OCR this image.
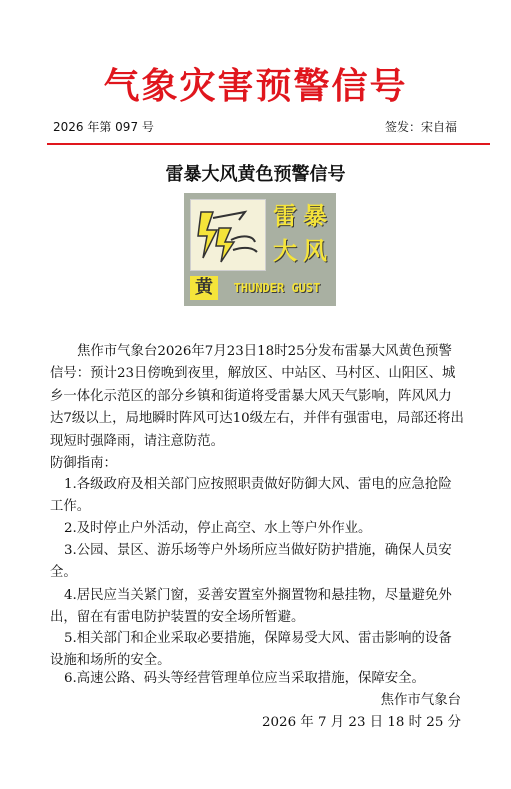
气象灾害预警信号
2026 年第 097 号	签发：宋自福
雷暴大风黄色预警信号
雷 暴
大 风
黄	THUNDER GUST
焦作市气象台2026年7月23日18时25分发布雷暴大风黄色预警信号：预计23日傍晚到夜里，解放区、中站区、马村区、山阳区、城乡一体化示范区的部分乡镇和街道将受雷暴大风天气影响，阵风风力达7级以上，局地瞬时阵风可达10级左右，并伴有强雷电，局部还将出现短时强降雨，请注意防范。
防御指南：
1.各级政府及相关部门应按照职责做好防御大风、雷电的应急抢险工作。
2.及时停止户外活动，停止高空、水上等户外作业。
3.公园、景区、游乐场等户外场所应当做好防护措施，确保人员安全。
4.居民应当关紧门窗，妥善安置室外搁置物和悬挂物，尽量避免外出，留在有雷电防护装置的安全场所暂避。
5.相关部门和企业采取必要措施，保障易受大风、雷击影响的设备设施和场所的安全。
6.高速公路、码头等经营管理单位应当采取措施，保障安全。
焦作市气象台
2026 年 7 月 23 日 18 时 25 分
